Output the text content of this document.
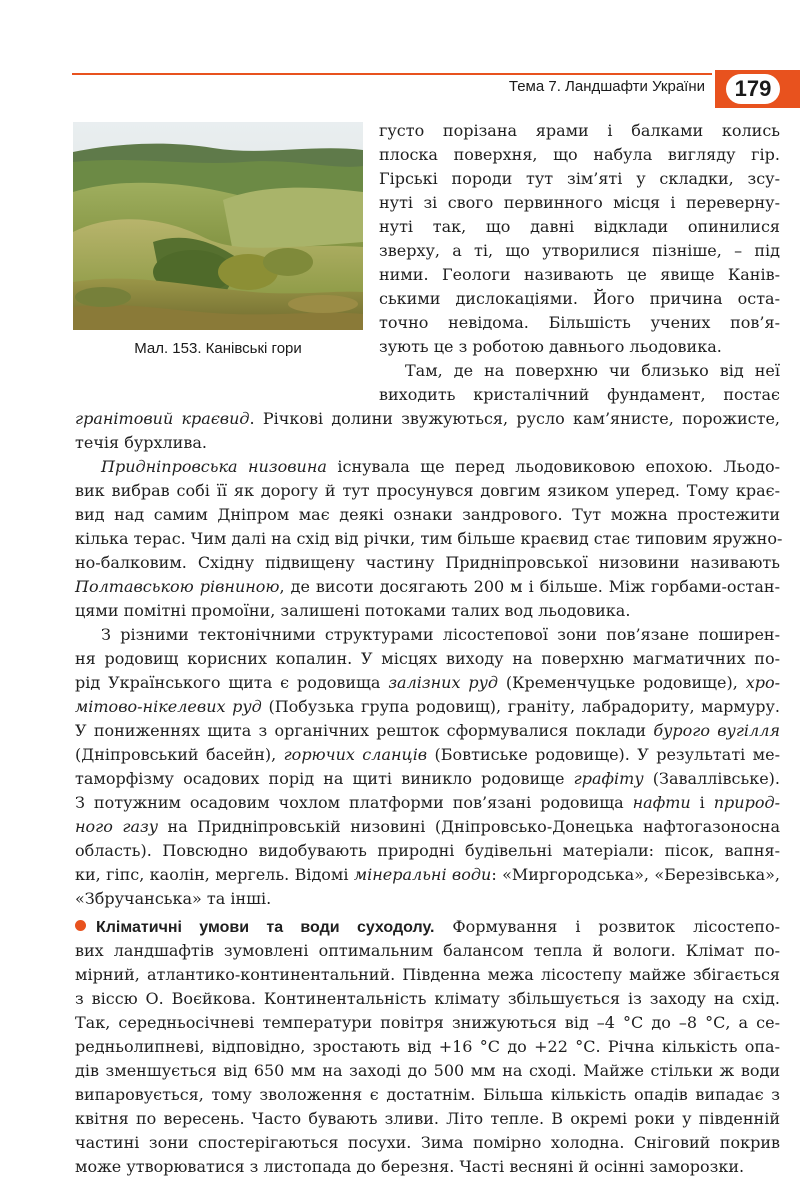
Тема 7. Ландшафти України	179
Мал. 153. Канівські гори
густо порізана ярами і балками колись
плоска поверхня, що набула вигляду гір.
Гірські породи тут зім’яті у складки, зсу-
нуті зі свого первинного місця і переверну-
нуті так, що давні відклади опинилися
зверху, а ті, що утворилися пізніше, – під
ними. Геологи називають це явище Канів-
ськими дислокаціями. Його причина оста-
точно невідома. Більшість учених пов’я-
зують це з роботою давнього льодовика.
Там, де на поверхню чи близько від неї
виходить кристалічний фундамент, постає
гранітовий краєвид. Річкові долини звужуються, русло кам’янисте, порожисте,
течія бурхлива.
Придніпровська низовина існувала ще перед льодовиковою епохою. Льодо-
вик вибрав собі її як дорогу й тут просунувся довгим язиком уперед. Тому крає-
вид над самим Дніпром має деякі ознаки зандрового. Тут можна простежити
кілька терас. Чим далі на схід від річки, тим більше краєвид стає типовим яружно-
но-балковим. Східну підвищену частину Придніпровської низовини називають
Полтавською рівниною, де висоти досягають 200 м і більше. Між горбами-остан-
цями помітні промоїни, залишені потоками талих вод льодовика.
З різними тектонічними структурами лісостепової зони пов’язане поширен-
ня родовищ корисних копалин. У місцях виходу на поверхню магматичних по-
рід Українського щита є родовища залізних руд (Кременчуцьке родовище), хро-
мітово-нікелевих руд (Побузька група родовищ), граніту, лабрадориту, мармуру.
У пониженнях щита з органічних решток сформувалися поклади бурого вугілля
(Дніпровський басейн), горючих сланців (Бовтиське родовище). У результаті ме-
таморфізму осадових порід на щиті виникло родовище графіту (Заваллівське).
З потужним осадовим чохлом платформи пов’язані родовища нафти і природ-
ного газу на Придніпровській низовині (Дніпровсько-Донецька нафтогазоносна
область). Повсюдно видобувають природні будівельні матеріали: пісок, вапня-
ки, гіпс, каолін, мергель. Відомі мінеральні води: «Миргородська», «Березівська»,
«Збручанська» та інші.
Кліматичні умови та води суходолу. Формування і розвиток лісостепо-
вих ландшафтів зумовлені оптимальним балансом тепла й вологи. Клімат по-
мірний, атлантико-континентальний. Південна межа лісостепу майже збігається
з віссю О. Воєйкова. Континентальність клімату збільшується із заходу на схід.
Так, середньосічневі температури повітря знижуються від –4 °С до –8 °С, а се-
редньолипневі, відповідно, зростають від +16 °С до +22 °С. Річна кількість опа-
дів зменшується від 650 мм на заході до 500 мм на сході. Майже стільки ж води
випаровується, тому зволоження є достатнім. Більша кількість опадів випадає з
квітня по вересень. Часто бувають зливи. Літо тепле. В окремі роки у південній
частині зони спостерігаються посухи. Зима помірно холодна. Сніговий покрив
може утворюватися з листопада до березня. Часті весняні й осінні заморозки.
